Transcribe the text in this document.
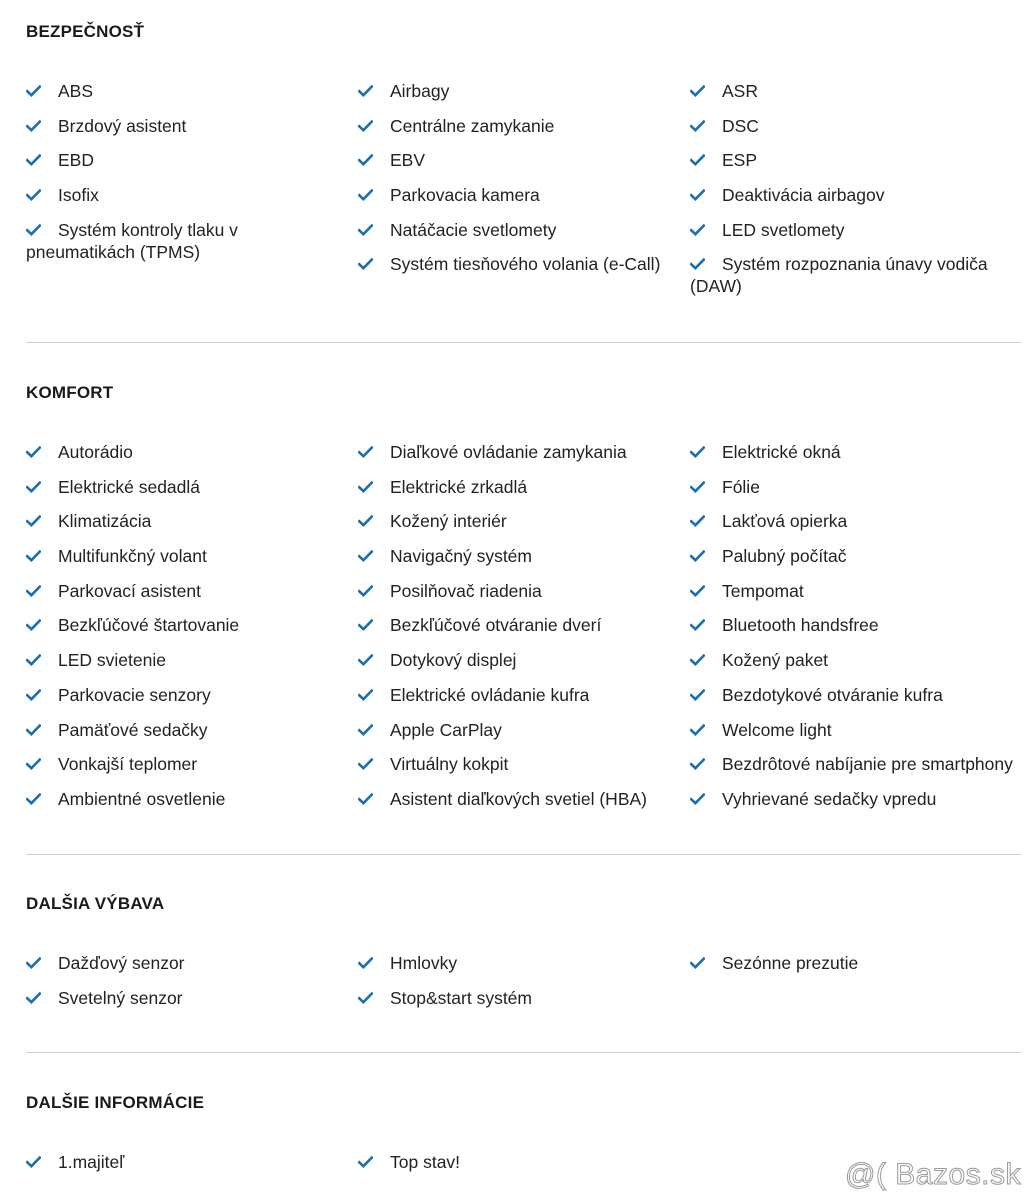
BEZPEČNOSŤ

ABS

Brzdový asistent

EBD

Isofix

Systém kontroly tlaku v pneumatikách (TPMS)

Airbagy

Centrálne zamykanie

EBV

Parkovacia kamera

Natáčacie svetlomety

Systém tiesňového volania (e-Call)

ASR

DSC

ESP

Deaktivácia airbagov

LED svetlomety

Systém rozpoznania únavy vodiča (DAW)

KOMFORT

Autorádio

Elektrické sedadlá

Klimatizácia

Multifunkčný volant

Parkovací asistent

Bezkľúčové štartovanie

LED svietenie

Parkovacie senzory

Pamäťové sedačky

Vonkajší teplomer

Ambientné osvetlenie

Diaľkové ovládanie zamykania

Elektrické zrkadlá

Kožený interiér

Navigačný systém

Posilňovač riadenia

Bezkľúčové otváranie dverí

Dotykový displej

Elektrické ovládanie kufra

Apple CarPlay

Virtuálny kokpit

Asistent diaľkových svetiel (HBA)

Elektrické okná

Fólie

Lakťová opierka

Palubný počítač

Tempomat

Bluetooth handsfree

Kožený paket

Bezdotykové otváranie kufra

Welcome light

Bezdrôtové nabíjanie pre smartphony

Vyhrievané sedačky vpredu

DALŠIA VÝBAVA

Dažďový senzor

Svetelný senzor

Hmlovky

Stop&start systém

Sezónne prezutie

DALŠIE INFORMÁCIE

1.majiteľ	Top stav!	@( Bazos.sk
